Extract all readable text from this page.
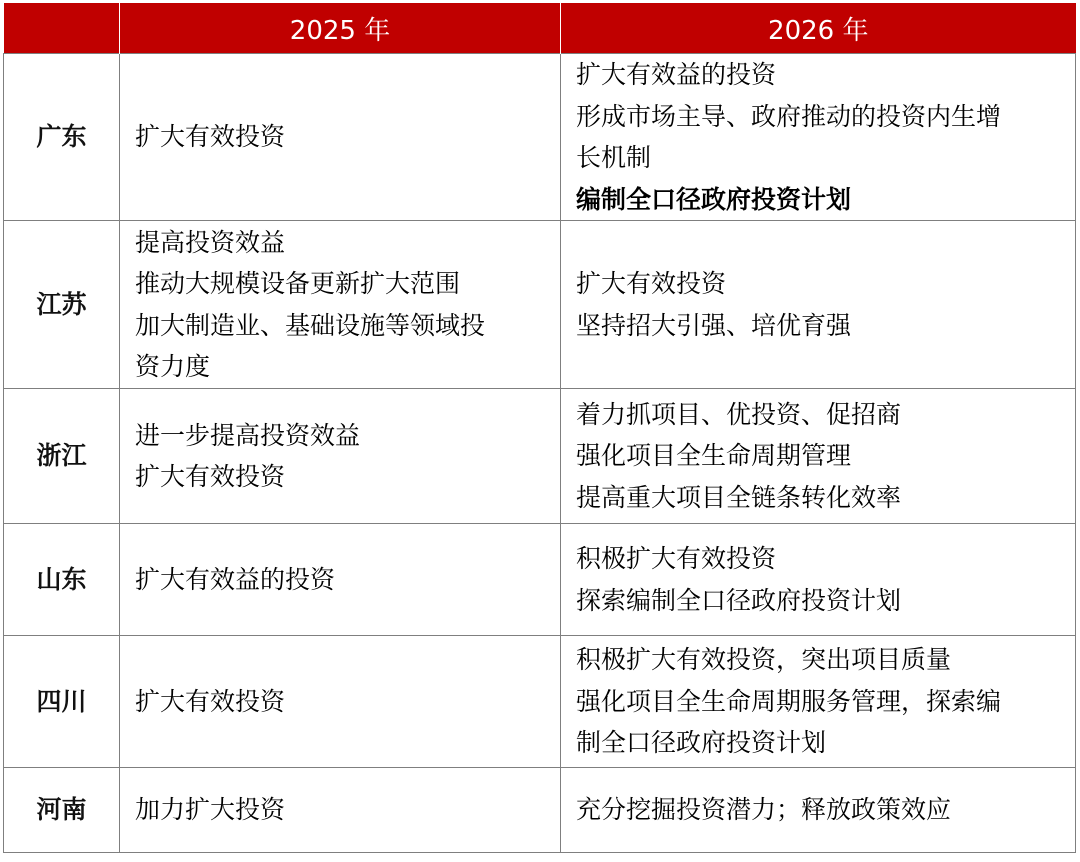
	2025 年	2026 年
广东	扩大有效投资	扩大有效益的投资
形成市场主导、政府推动的投资内生增
长机制
编制全口径政府投资计划

江苏	提高投资效益
推动大规模设备更新扩大范围
加大制造业、基础设施等领域投
资力度	扩大有效投资
坚持招大引强、培优育强

浙江	进一步提高投资效益
扩大有效投资	着力抓项目、优投资、促招商
强化项目全生命周期管理
提高重大项目全链条转化效率

山东	扩大有效益的投资	积极扩大有效投资
探索编制全口径政府投资计划

四川	扩大有效投资	积极扩大有效投资，突出项目质量
强化项目全生命周期服务管理，探索编
制全口径政府投资计划

河南	加力扩大投资	充分挖掘投资潜力；释放政策效应
